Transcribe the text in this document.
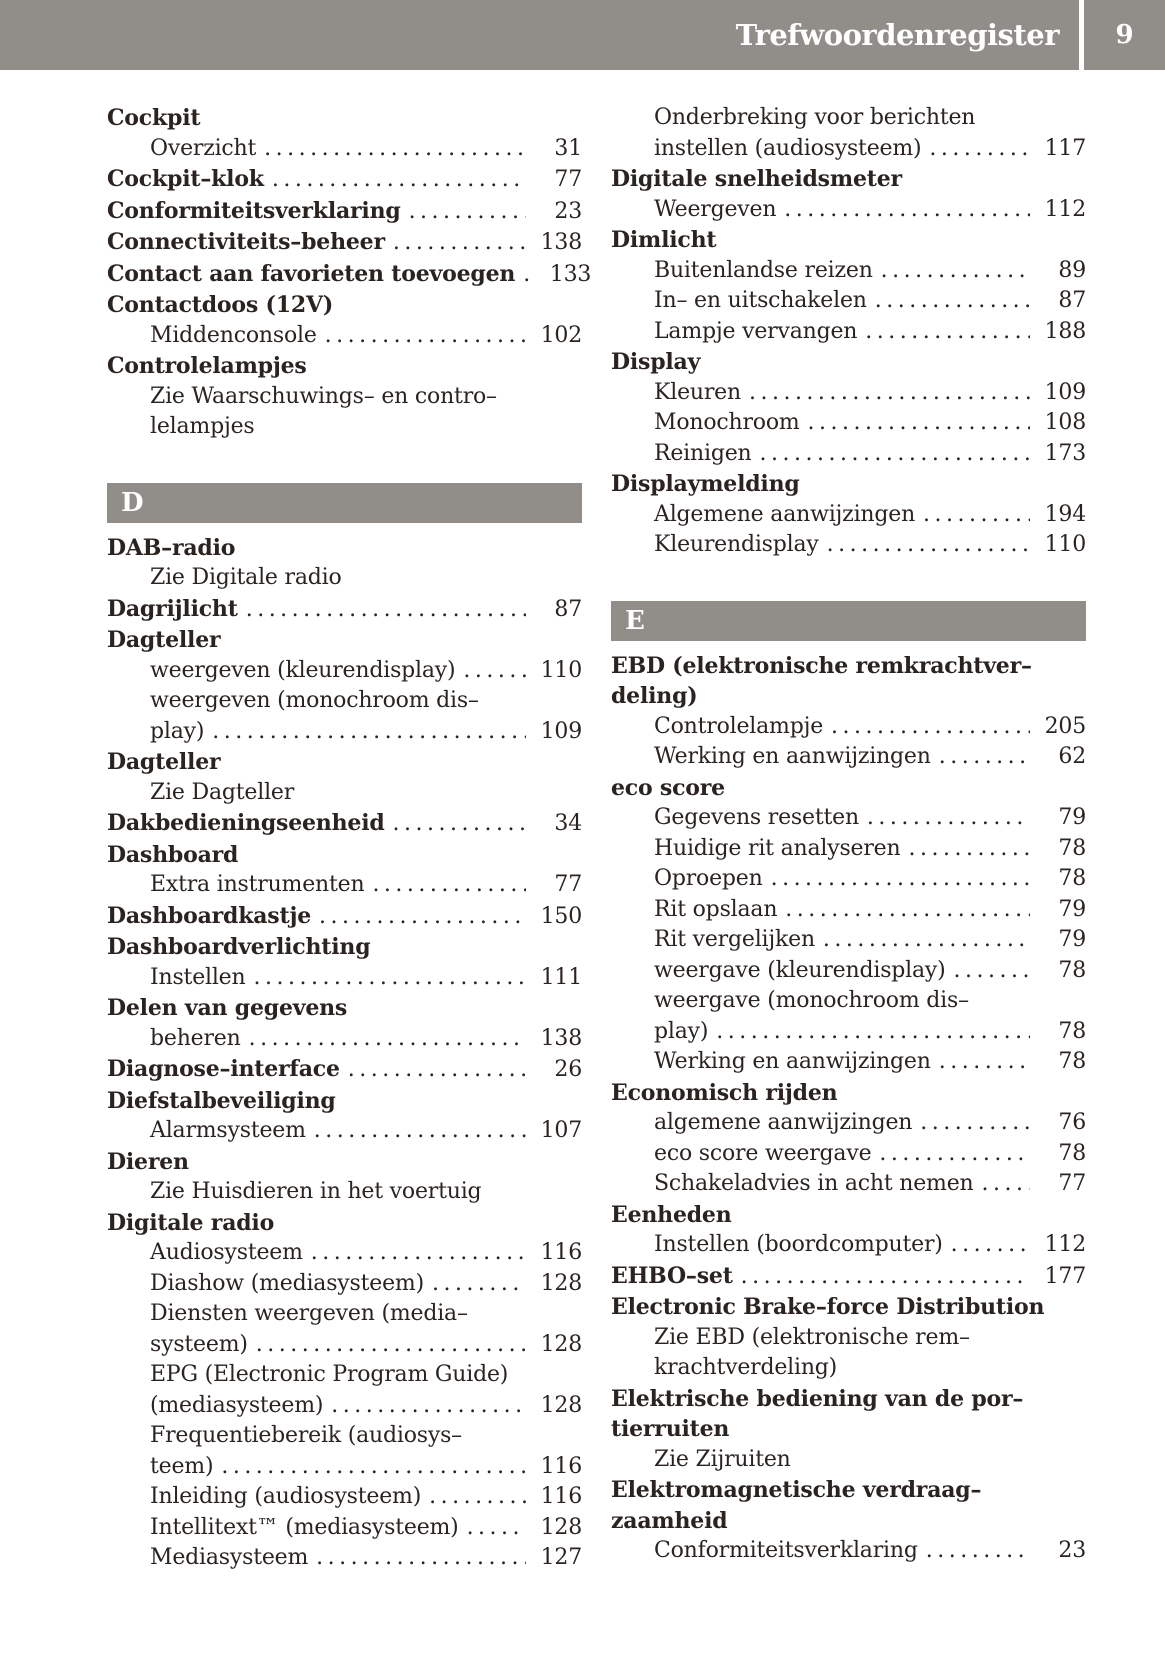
Trefwoordenregister	9
Cockpit
Overzicht .....	31
Cockpit–klok .....	77
Conformiteitsverklaring .....	23
Connectiviteits–beheer .....	138
Contact aan favorieten toevoegen ..... 133
Contactdoos (12V)
Middenconsole .....	102
Controlelampjes
Zie Waarschuwings– en contro–
lelampjes
D
DAB–radio
Zie Digitale radio
Dagrijlicht .....	87
Dagteller
weergeven (kleurendisplay) .....	110
weergeven (monochroom dis–
play) .....	109
Dagteller
Zie Dagteller
Dakbedieningseenheid .....	34
Dashboard
Extra instrumenten .....	77
Dashboardkastje .....	150
Dashboardverlichting
Instellen .....	111
Delen van gegevens
beheren .....	138
Diagnose–interface .....	26
Diefstalbeveiliging
Alarmsysteem .....	107
Dieren
Zie Huisdieren in het voertuig
Digitale radio
Audiosysteem .....	116
Diashow (mediasysteem) .....	128
Diensten weergeven (media–
systeem) .....	128
EPG (Electronic Program Guide)
(mediasysteem) .....	128
Frequentiebereik (audiosys–
teem) .....	116
Inleiding (audiosysteem) .....	116
Intellitext™ (mediasysteem) .....	128
Mediasysteem .....	127
Onderbreking voor berichten
instellen (audiosysteem) .....	117
Digitale snelheidsmeter
Weergeven .....	112
Dimlicht
Buitenlandse reizen .....	89
In– en uitschakelen .....	87
Lampje vervangen .....	188
Display
Kleuren .....	109
Monochroom .....	108
Reinigen .....	173
Displaymelding
Algemene aanwijzingen .....	194
Kleurendisplay .....	110
E
EBD (elektronische remkrachtver–
deling)
Controlelampje .....	205
Werking en aanwijzingen .....	62
eco score
Gegevens resetten .....	79
Huidige rit analyseren .....	78
Oproepen .....	78
Rit opslaan .....	79
Rit vergelijken .....	79
weergave (kleurendisplay) .....	78
weergave (monochroom dis–
play) .....	78
Werking en aanwijzingen .....	78
Economisch rijden
algemene aanwijzingen .....	76
eco score weergave .....	78
Schakeladvies in acht nemen .....	77
Eenheden
Instellen (boordcomputer) .....	112
EHBO–set .....	177
Electronic Brake–force Distribution
Zie EBD (elektronische rem–
krachtverdeling)
Elektrische bediening van de por–
tierruiten
Zie Zijruiten
Elektromagnetische verdraag–
zaamheid
Conformiteitsverklaring .....	23
